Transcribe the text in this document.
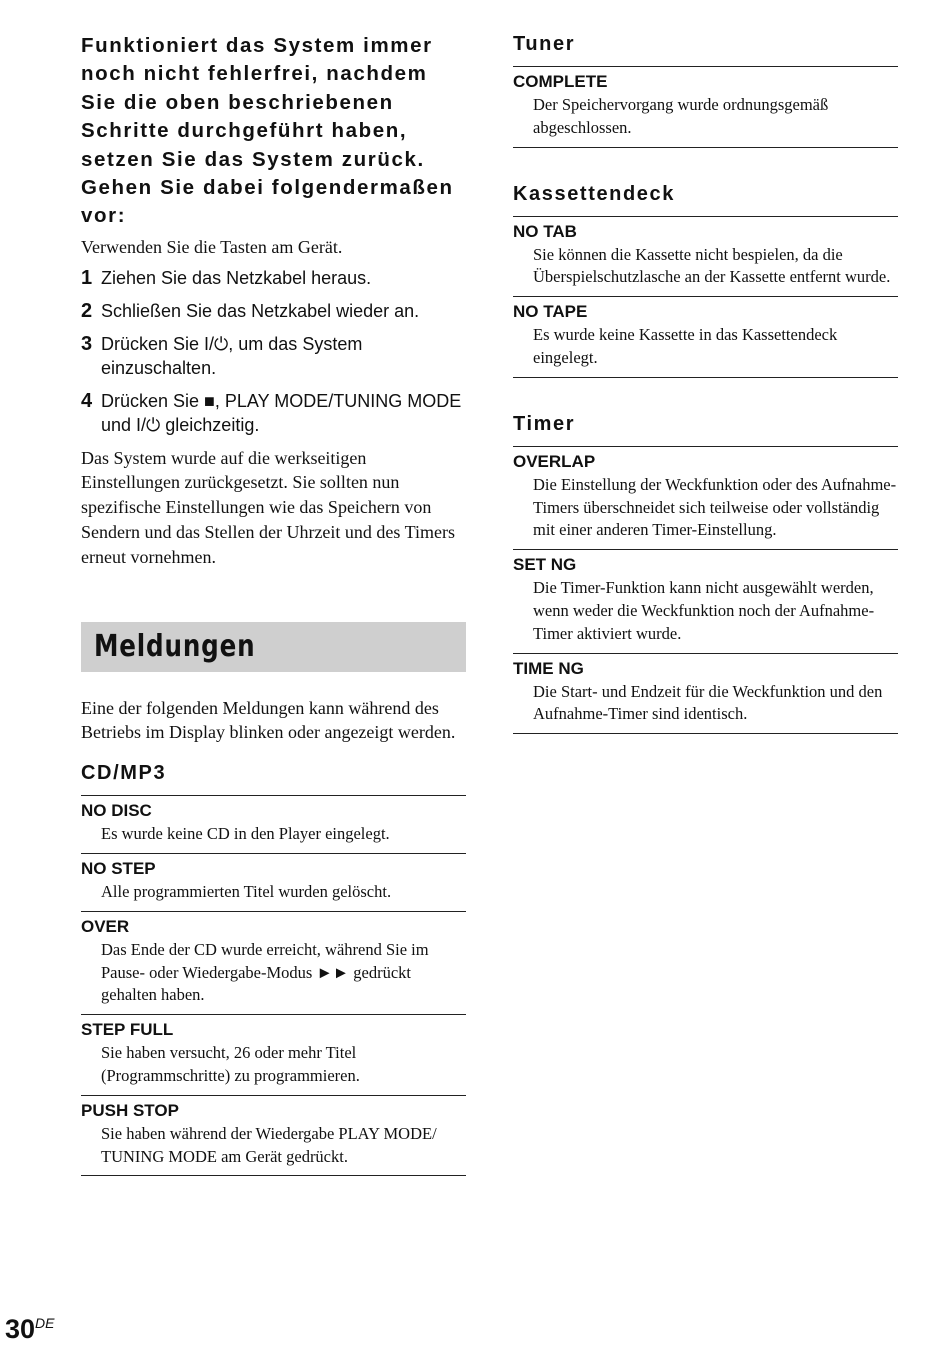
Funktioniert das System immer noch nicht fehlerfrei, nachdem Sie die oben beschriebenen Schritte durchgeführt haben, setzen Sie das System zurück. Gehen Sie dabei folgendermaßen vor:

Verwenden Sie die Tasten am Gerät.

1 Ziehen Sie das Netzkabel heraus.
2 Schließen Sie das Netzkabel wieder an.
3 Drücken Sie I/⏻, um das System einzuschalten.
4 Drücken Sie ■, PLAY MODE/TUNING MODE und I/⏻ gleichzeitig.

Das System wurde auf die werkseitigen Einstellungen zurückgesetzt. Sie sollten nun spezifische Einstellungen wie das Speichern von Sendern und das Stellen der Uhrzeit und des Timers erneut vornehmen.

Meldungen

Eine der folgenden Meldungen kann während des Betriebs im Display blinken oder angezeigt werden.

CD/MP3
NO DISC
Es wurde keine CD in den Player eingelegt.
NO STEP
Alle programmierten Titel wurden gelöscht.
OVER
Das Ende der CD wurde erreicht, während Sie im Pause- oder Wiedergabe-Modus ►► gedrückt gehalten haben.
STEP FULL
Sie haben versucht, 26 oder mehr Titel (Programmschritte) zu programmieren.
PUSH STOP
Sie haben während der Wiedergabe PLAY MODE/ TUNING MODE am Gerät gedrückt.
Tuner
COMPLETE
Der Speichervorgang wurde ordnungsgemäß abgeschlossen.
Kassettendeck
NO TAB
Sie können die Kassette nicht bespielen, da die Überspielschutzlasche an der Kassette entfernt wurde.
NO TAPE
Es wurde keine Kassette in das Kassettendeck eingelegt.
Timer
OVERLAP
Die Einstellung der Weckfunktion oder des Aufnahme-Timers überschneidet sich teilweise oder vollständig mit einer anderen Timer-Einstellung.
SET NG
Die Timer-Funktion kann nicht ausgewählt werden, wenn weder die Weckfunktion noch der Aufnahme-Timer aktiviert wurde.
TIME NG
Die Start- und Endzeit für die Weckfunktion und den Aufnahme-Timer sind identisch.
30DE
